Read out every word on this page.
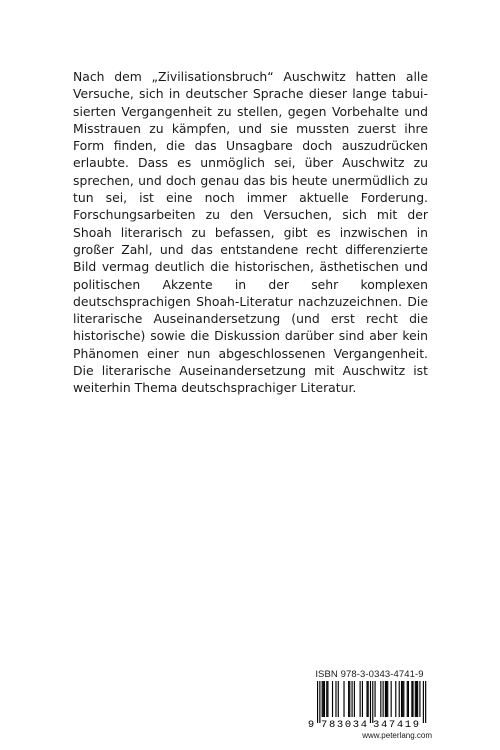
Nach dem „Zivilisationsbruch“ Auschwitz hatten alle Versuche, sich in deutscher Sprache dieser lange tabuisierten Vergangenheit zu stellen, gegen Vorbehalte und Misstrauen zu kämpfen, und sie mussten zuerst ihre Form finden, die das Unsagbare doch auszudrücken erlaubte. Dass es unmöglich sei, über Auschwitz zu sprechen, und doch genau das bis heute unermüdlich zu tun sei, ist eine noch immer aktuelle Forderung. Forschungsarbeiten zu den Versuchen, sich mit der Shoah literarisch zu befassen, gibt es inzwischen in großer Zahl, und das entstandene recht differenzierte Bild vermag deutlich die historischen, ästhetischen und politischen Akzente in der sehr komplexen deutschsprachigen Shoah-Literatur nachzuzeichnen. Die literarische Auseinandersetzung (und erst recht die historische) sowie die Diskussion darüber sind aber kein Phänomen einer nun abgeschlossenen Vergangenheit. Die literarische Auseinandersetzung mit Auschwitz ist weiterhin Thema deutschsprachiger Literatur.

ISBN 978-3-0343-4741-9
9 783034 347419
www.peterlang.com
